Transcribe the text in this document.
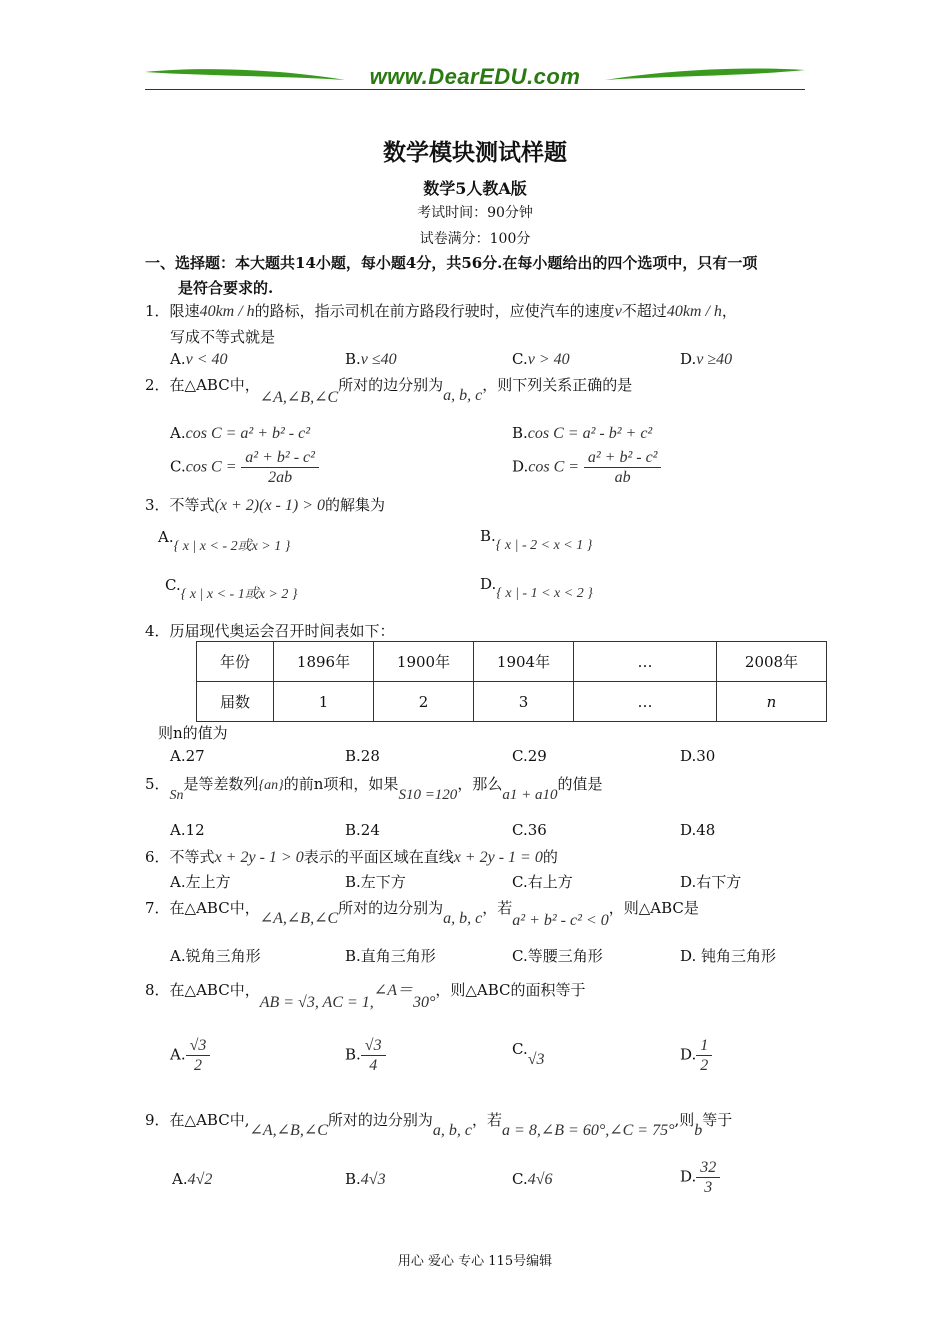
www.DearEDU.com
数学模块测试样题
数学5人教A版
考试时间：90分钟
试卷满分：100分
一、选择题：本大题共14小题，每小题4分，共56分.在每小题给出的四个选项中，只有一项
是符合要求的.
1．限速40km / h的路标，指示司机在前方路段行驶时，应使汽车的速度v不超过40km / h，
写成不等式就是
A.v < 40	B.v ≤40	C.v > 40	D.v ≥40
2．在△ABC中，∠A,∠B,∠C所对的边分别为a, b, c，则下列关系正确的是
A.cos C = a² + b² - c²	B.cos C = a² - b² + c²
C.cos $C = \frac{\text{a² + b² - c²}}{2ab}$	D.cos $C = \frac{\text{a² + b² - c²}}{ab}$
3．不等式(x + 2)(x - 1) > 0的解集为
A.{ x | x < - 2或x > 1 }
B.{ x | - 2 < x < 1 }
C.{ x | x < - 1或x > 2 }
D.{ x | - 1 < x < 2 }
4．历届现代奥运会召开时间表如下：
年份	1896年	1900年	1904年	…	2008年
届数	1	2	3	…	n
则n的值为
A.27	B.28	C.29	D.30
5．Sn是等差数列{an}的前n项和，如果S10 =120，那么a1 + a10的值是
A.12	B.24	C.36	D.48
6．不等式x + 2y - 1 > 0表示的平面区域在直线x + 2y - 1 = 0的
A.左上方	B.左下方	C.右上方	D.右下方
7．在△ABC中，∠A,∠B,∠C所对的边分别为a, b, c，若a² + b² - c² < 0，则△ABC是
A.锐角三角形	B.直角三角形	C.等腰三角形	D. 钝角三角形
8．在△ABC中，AB = √3, AC = 1,∠A＝30°，则△ABC的面积等于
A. $\frac{√3}{2}$	B. $\frac{√3}{4}$	C.√3	D. $\frac{1}{2}$
9．在△ABC中,∠A,∠B,∠C所对的边分别为a, b, c，若a = 8,∠B = 60°,∠C = 75°,则b等于
A.4√2	B.4√3	C.4√6	D. $\frac{32}{3}$
用心 爱心 专心 115号编辑
